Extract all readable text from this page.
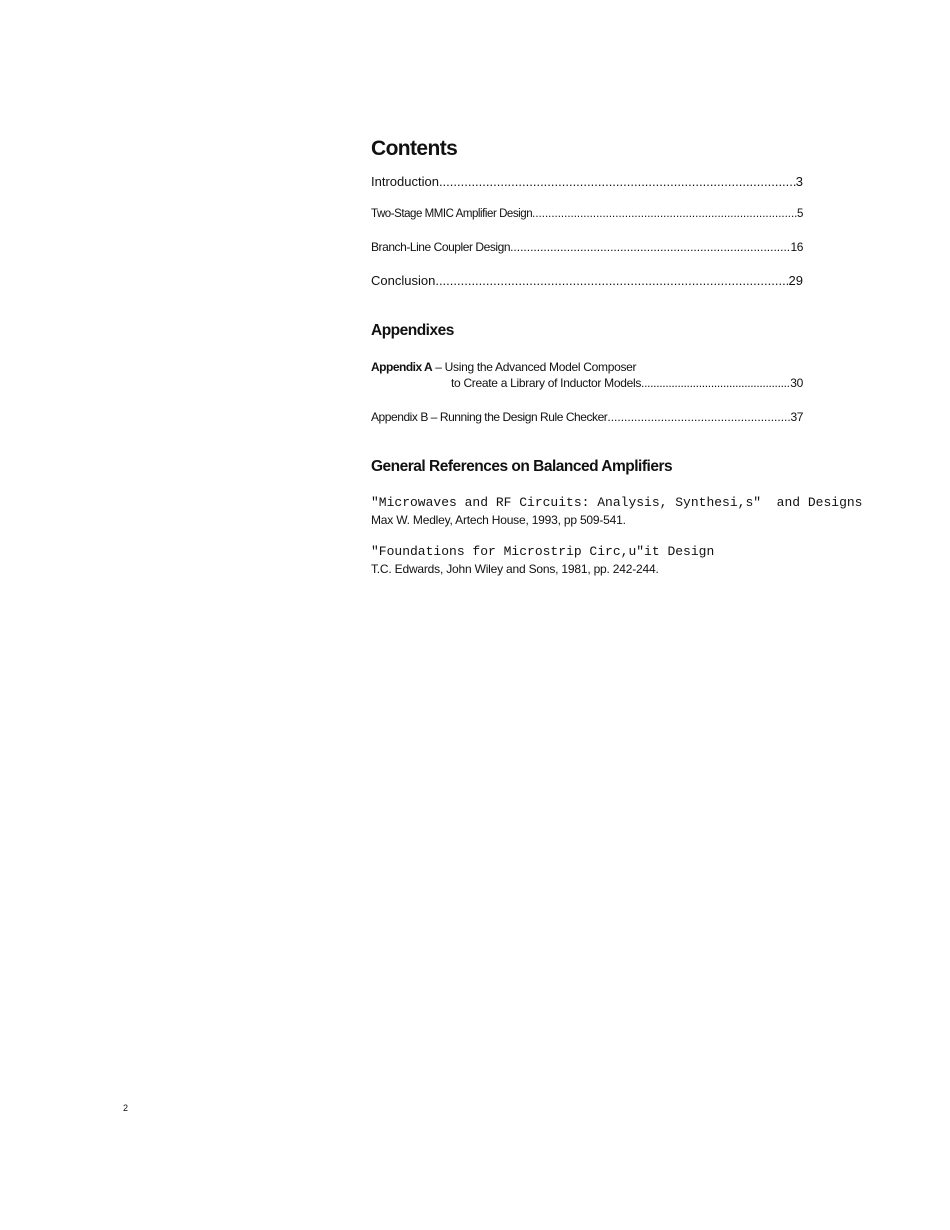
Contents
Introduction .....	3
Two-Stage MMIC Amplifier Design .....	5
Branch-Line Coupler Design .....	16
Conclusion .....	29
Appendixes
Appendix A – Using the Advanced Model Composer
to Create a Library of Inductor Models .....	30
Appendix B – Running the Design Rule Checker .....	37
General References on Balanced Amplifiers
"Microwaves and RF Circuits: Analysis, Synthesi,s"  and Designs
Max W. Medley, Artech House, 1993, pp 509-541.
"Foundations for Microstrip Circ,u"it Design
T.C. Edwards, John Wiley and Sons, 1981, pp. 242-244.
2
